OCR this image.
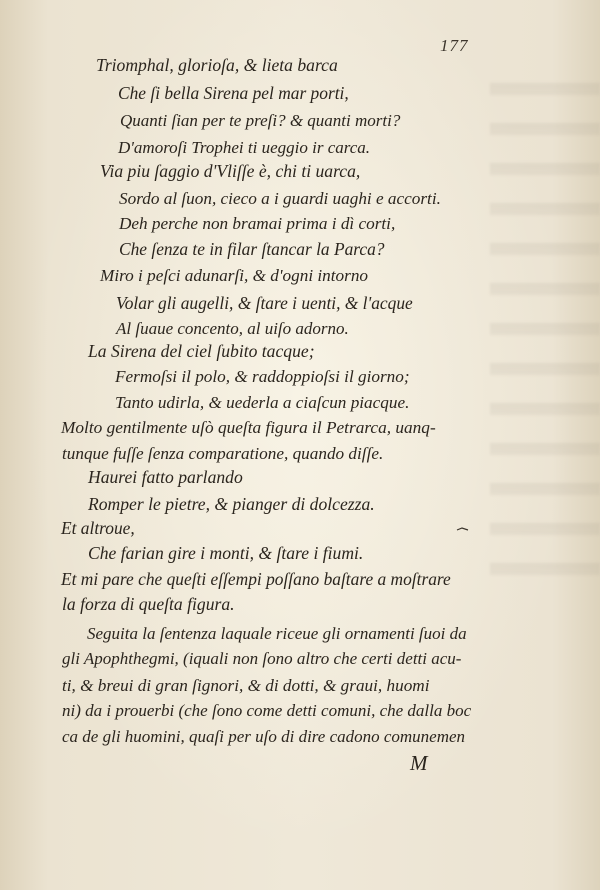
177
Triomphal, glorioſa, & lieta barca
Che ſi bella Sirena pel mar porti,
Quanti ſian per te preſi? & quanti morti?
D'amoroſi Trophei ti ueggio ir carca.
Via piu ſaggio d'Vliſſe è, chi ti uarca,
Sordo al ſuon, cieco a i guardi uaghi e accorti.
Deh perche non bramai prima i dì corti,
Che ſenza te in filar ſtancar la Parca?
Miro i peſci adunarſi, & d'ogni intorno
Volar gli augelli, & ſtare i uenti, & l'acque
Al ſuaue concento, al uiſo adorno.
La Sirena del ciel ſubito tacque;
Fermoſsi il polo, & raddoppioſsi il giorno;
Tanto udirla, & uederla a ciaſcun piacque.
Molto gentilmente uſò queſta figura il Petrarca, uanq-
tunque fuſſe ſenza comparatione, quando diſſe.
Haurei fatto parlando
Romper le pietre, & pianger di dolcezza.
Et altroue,
Che farian gire i monti, & ſtare i fiumi.
Et mi pare che queſti eſſempi poſſano baſtare a moſtrare
la forza di queſta figura.
Seguita la ſentenza laquale riceue gli ornamenti ſuoi da
gli Apophthegmi, (iquali non ſono altro che certi detti acu-
ti, & breui di gran ſignori, & di dotti, & graui, huomi
ni) da i prouerbi (che ſono come detti comuni, che dalla boc
ca de gli huomini, quaſi per uſo di dire cadono comunemen
M
